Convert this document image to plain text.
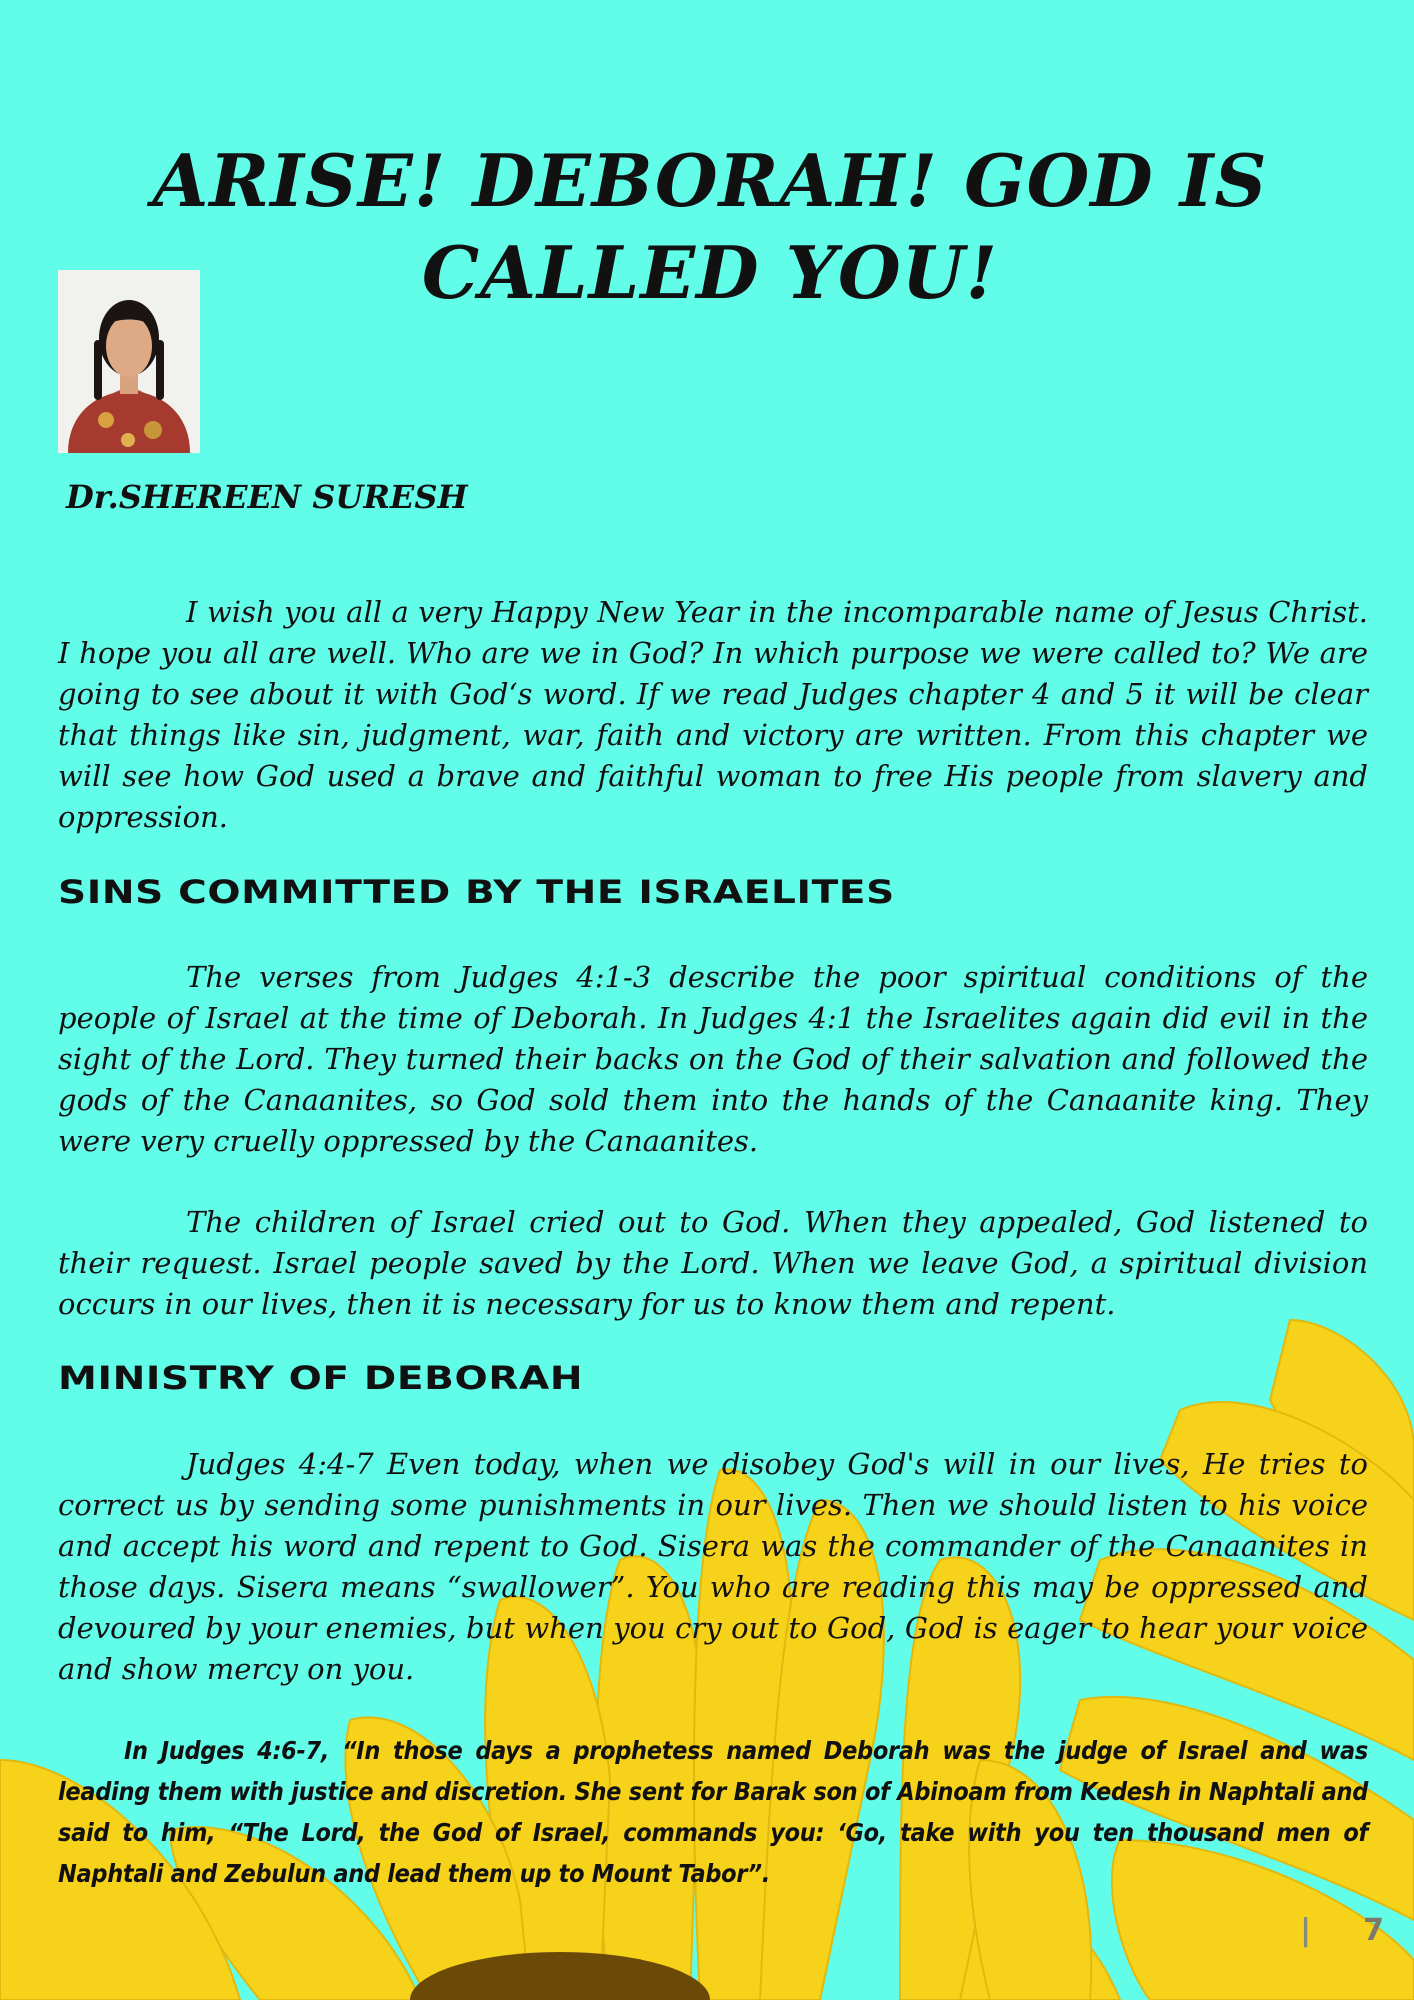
ARISE! DEBORAH! GOD IS CALLED YOU!

Dr.SHEREEN SURESH

I wish you all a very Happy New Year in the incomparable name of Jesus Christ. I hope you all are well. Who are we in God? In which purpose we were called to? We are going to see about it with God‘s word. If we read Judges chapter 4 and 5 it will be clear that things like sin, judgment, war, faith and victory are written. From this chapter we will see how God used a brave and faithful woman to free His people from slavery and oppression.

SINS COMMITTED BY THE ISRAELITES

The verses from Judges 4:1-3 describe the poor spiritual conditions of the people of Israel at the time of Deborah. In Judges 4:1 the Israelites again did evil in the sight of the Lord. They turned their backs on the God of their salvation and followed the gods of the Canaanites, so God sold them into the hands of the Canaanite king. They were very cruelly oppressed by the Canaanites.

The children of Israel cried out to God. When they appealed, God listened to their request. Israel people saved by the Lord. When we leave God, a spiritual division occurs in our lives, then it is necessary for us to know them and repent.

MINISTRY OF DEBORAH

Judges 4:4-7 Even today, when we disobey God's will in our lives, He tries to correct us by sending some punishments in our lives. Then we should listen to his voice and accept his word and repent to God. Sisera was the commander of the Canaanites in those days. Sisera means “swallower”. You who are reading this may be oppressed and devoured by your enemies, but when you cry out to God, God is eager to hear your voice and show mercy on you.

In Judges 4:6-7, “In those days a prophetess named Deborah was the judge of Israel and was leading them with justice and discretion. She sent for Barak son of Abinoam from Kedesh in Naphtali and said to him, “The Lord, the God of Israel, commands you: ‘Go, take with you ten thousand men of Naphtali and Zebulun and lead them up to Mount Tabor”.

| 7
